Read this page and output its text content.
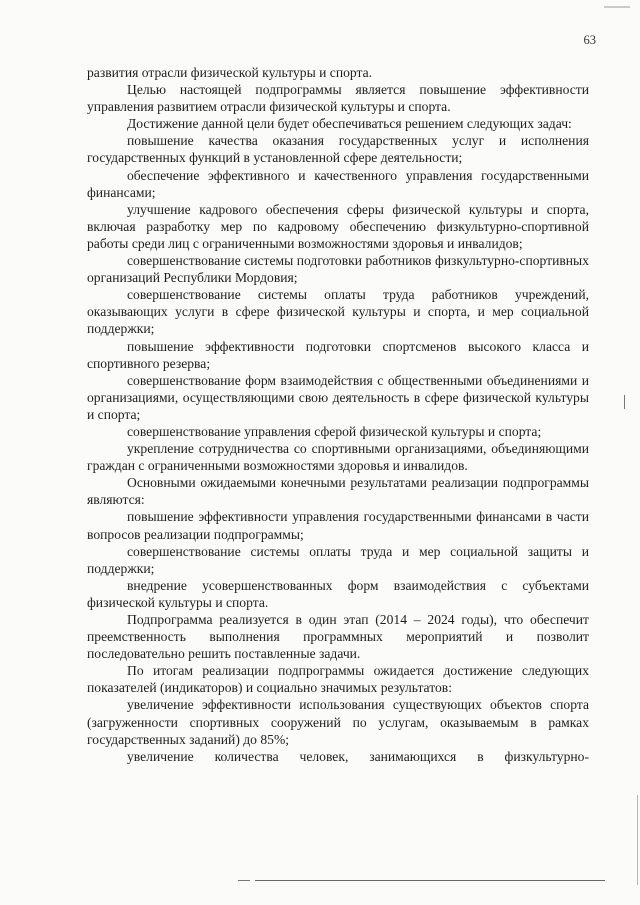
63

развития отрасли физической культуры и спорта.

Целью настоящей подпрограммы является повышение эффективности управления развитием отрасли физической культуры и спорта.

Достижение данной цели будет обеспечиваться решением следующих задач:

повышение качества оказания государственных услуг и исполнения государственных функций в установленной сфере деятельности;

обеспечение эффективного и качественного управления государственными финансами;

улучшение кадрового обеспечения сферы физической культуры и спорта, включая разработку мер по кадровому обеспечению физкультурно-спортивной работы среди лиц с ограниченными возможностями здоровья и инвалидов;

совершенствование системы подготовки работников физкультурно-спортивных организаций Республики Мордовия;

совершенствование системы оплаты труда работников учреждений, оказывающих услуги в сфере физической культуры и спорта, и мер социальной поддержки;

повышение эффективности подготовки спортсменов высокого класса и спортивного резерва;

совершенствование форм взаимодействия с общественными объединениями и организациями, осуществляющими свою деятельность в сфере физической культуры и спорта;

совершенствование управления сферой физической культуры и спорта;

укрепление сотрудничества со спортивными организациями, объединяющими граждан с ограниченными возможностями здоровья и инвалидов.

Основными ожидаемыми конечными результатами реализации подпрограммы являются:

повышение эффективности управления государственными финансами в части вопросов реализации подпрограммы;

совершенствование системы оплаты труда и мер социальной защиты и поддержки;

внедрение усовершенствованных форм взаимодействия с субъектами физической культуры и спорта.

Подпрограмма реализуется в один этап (2014 – 2024 годы), что обеспечит преемственность выполнения программных мероприятий и позволит последовательно решить поставленные задачи.

По итогам реализации подпрограммы ожидается достижение следующих показателей (индикаторов) и социально значимых результатов:

увеличение эффективности использования существующих объектов спорта (загруженности спортивных сооружений по услугам, оказываемым в рамках государственных заданий) до 85%;

увеличение количества человек, занимающихся в физкультурно-
